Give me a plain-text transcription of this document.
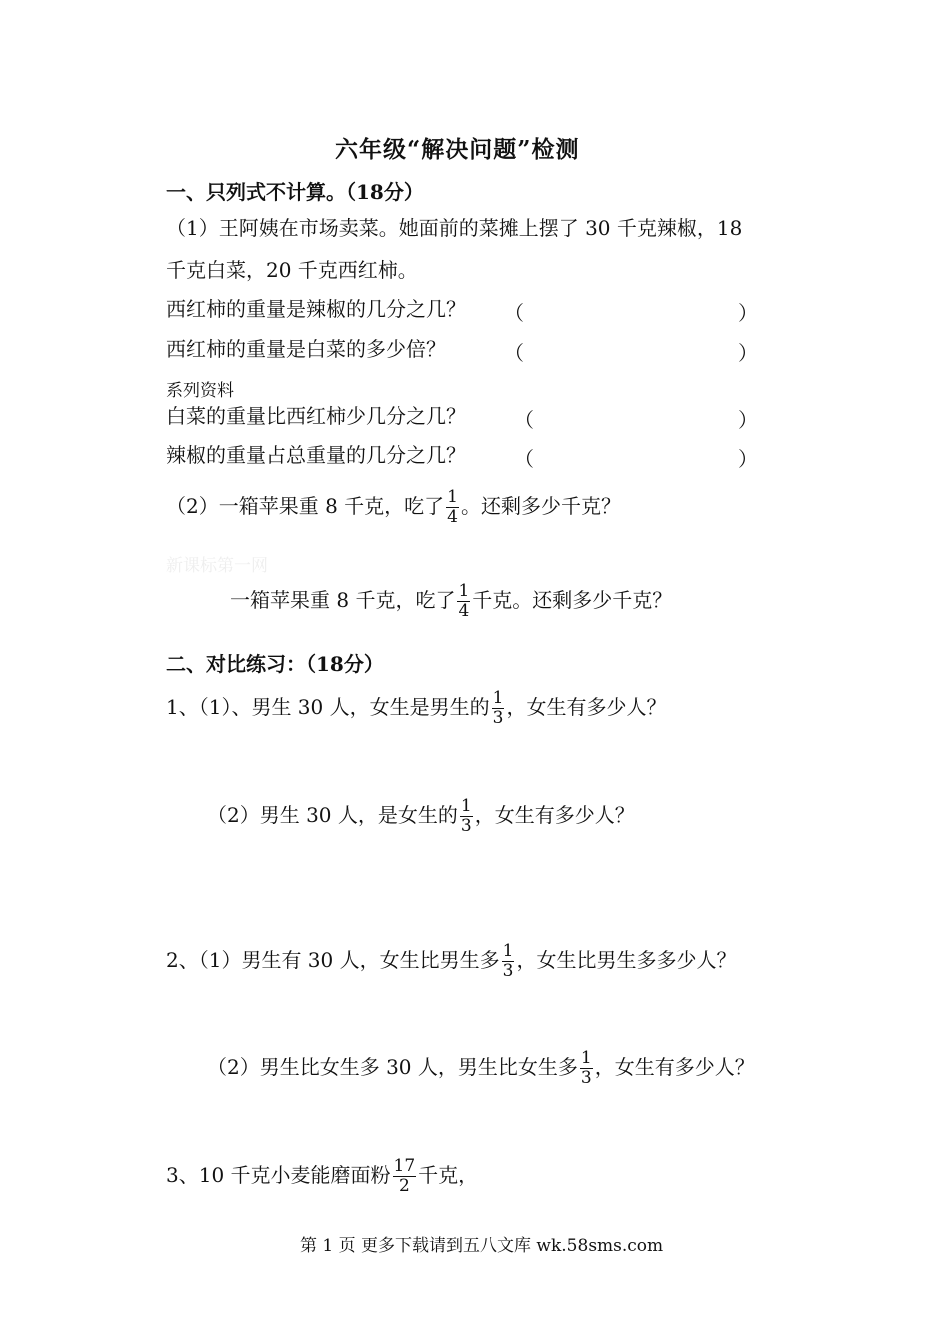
六年级“解决问题”检测
一、只列式不计算。（18分）
（1）王阿姨在市场卖菜。她面前的菜摊上摆了 30 千克辣椒，18
千克白菜，20 千克西红柿。
西红柿的重量是辣椒的几分之几？ （	）
西红柿的重量是白菜的多少倍？	（	）
系列资料
白菜的重量比西红柿少几分之几？ （	）
辣椒的重量占总重量的几分之几？ （	）
（2）一箱苹果重 8 千克，吃了 $\frac{1}{4}$ 。还剩多少千克？
新课标第一网
一箱苹果重 8 千克，吃了 $\frac{1}{4}$ 千克。还剩多少千克？
二、对比练习：（18分）
1、（1）、男生 30 人，女生是男生的 $\frac{1}{3}$ ，女生有多少人？
（2）男生 30 人，是女生的 $\frac{1}{3}$ ，女生有多少人？
2、（1）男生有 30 人，女生比男生多 $\frac{1}{3}$ ，女生比男生多多少人？
（2）男生比女生多 30 人，男生比女生多 $\frac{1}{3}$ ，女生有多少人？
3、10 千克小麦能磨面粉 $\frac{17}{2}$ 千克，
第 1 页 更多下载请到五八文库 wk.58sms.com
